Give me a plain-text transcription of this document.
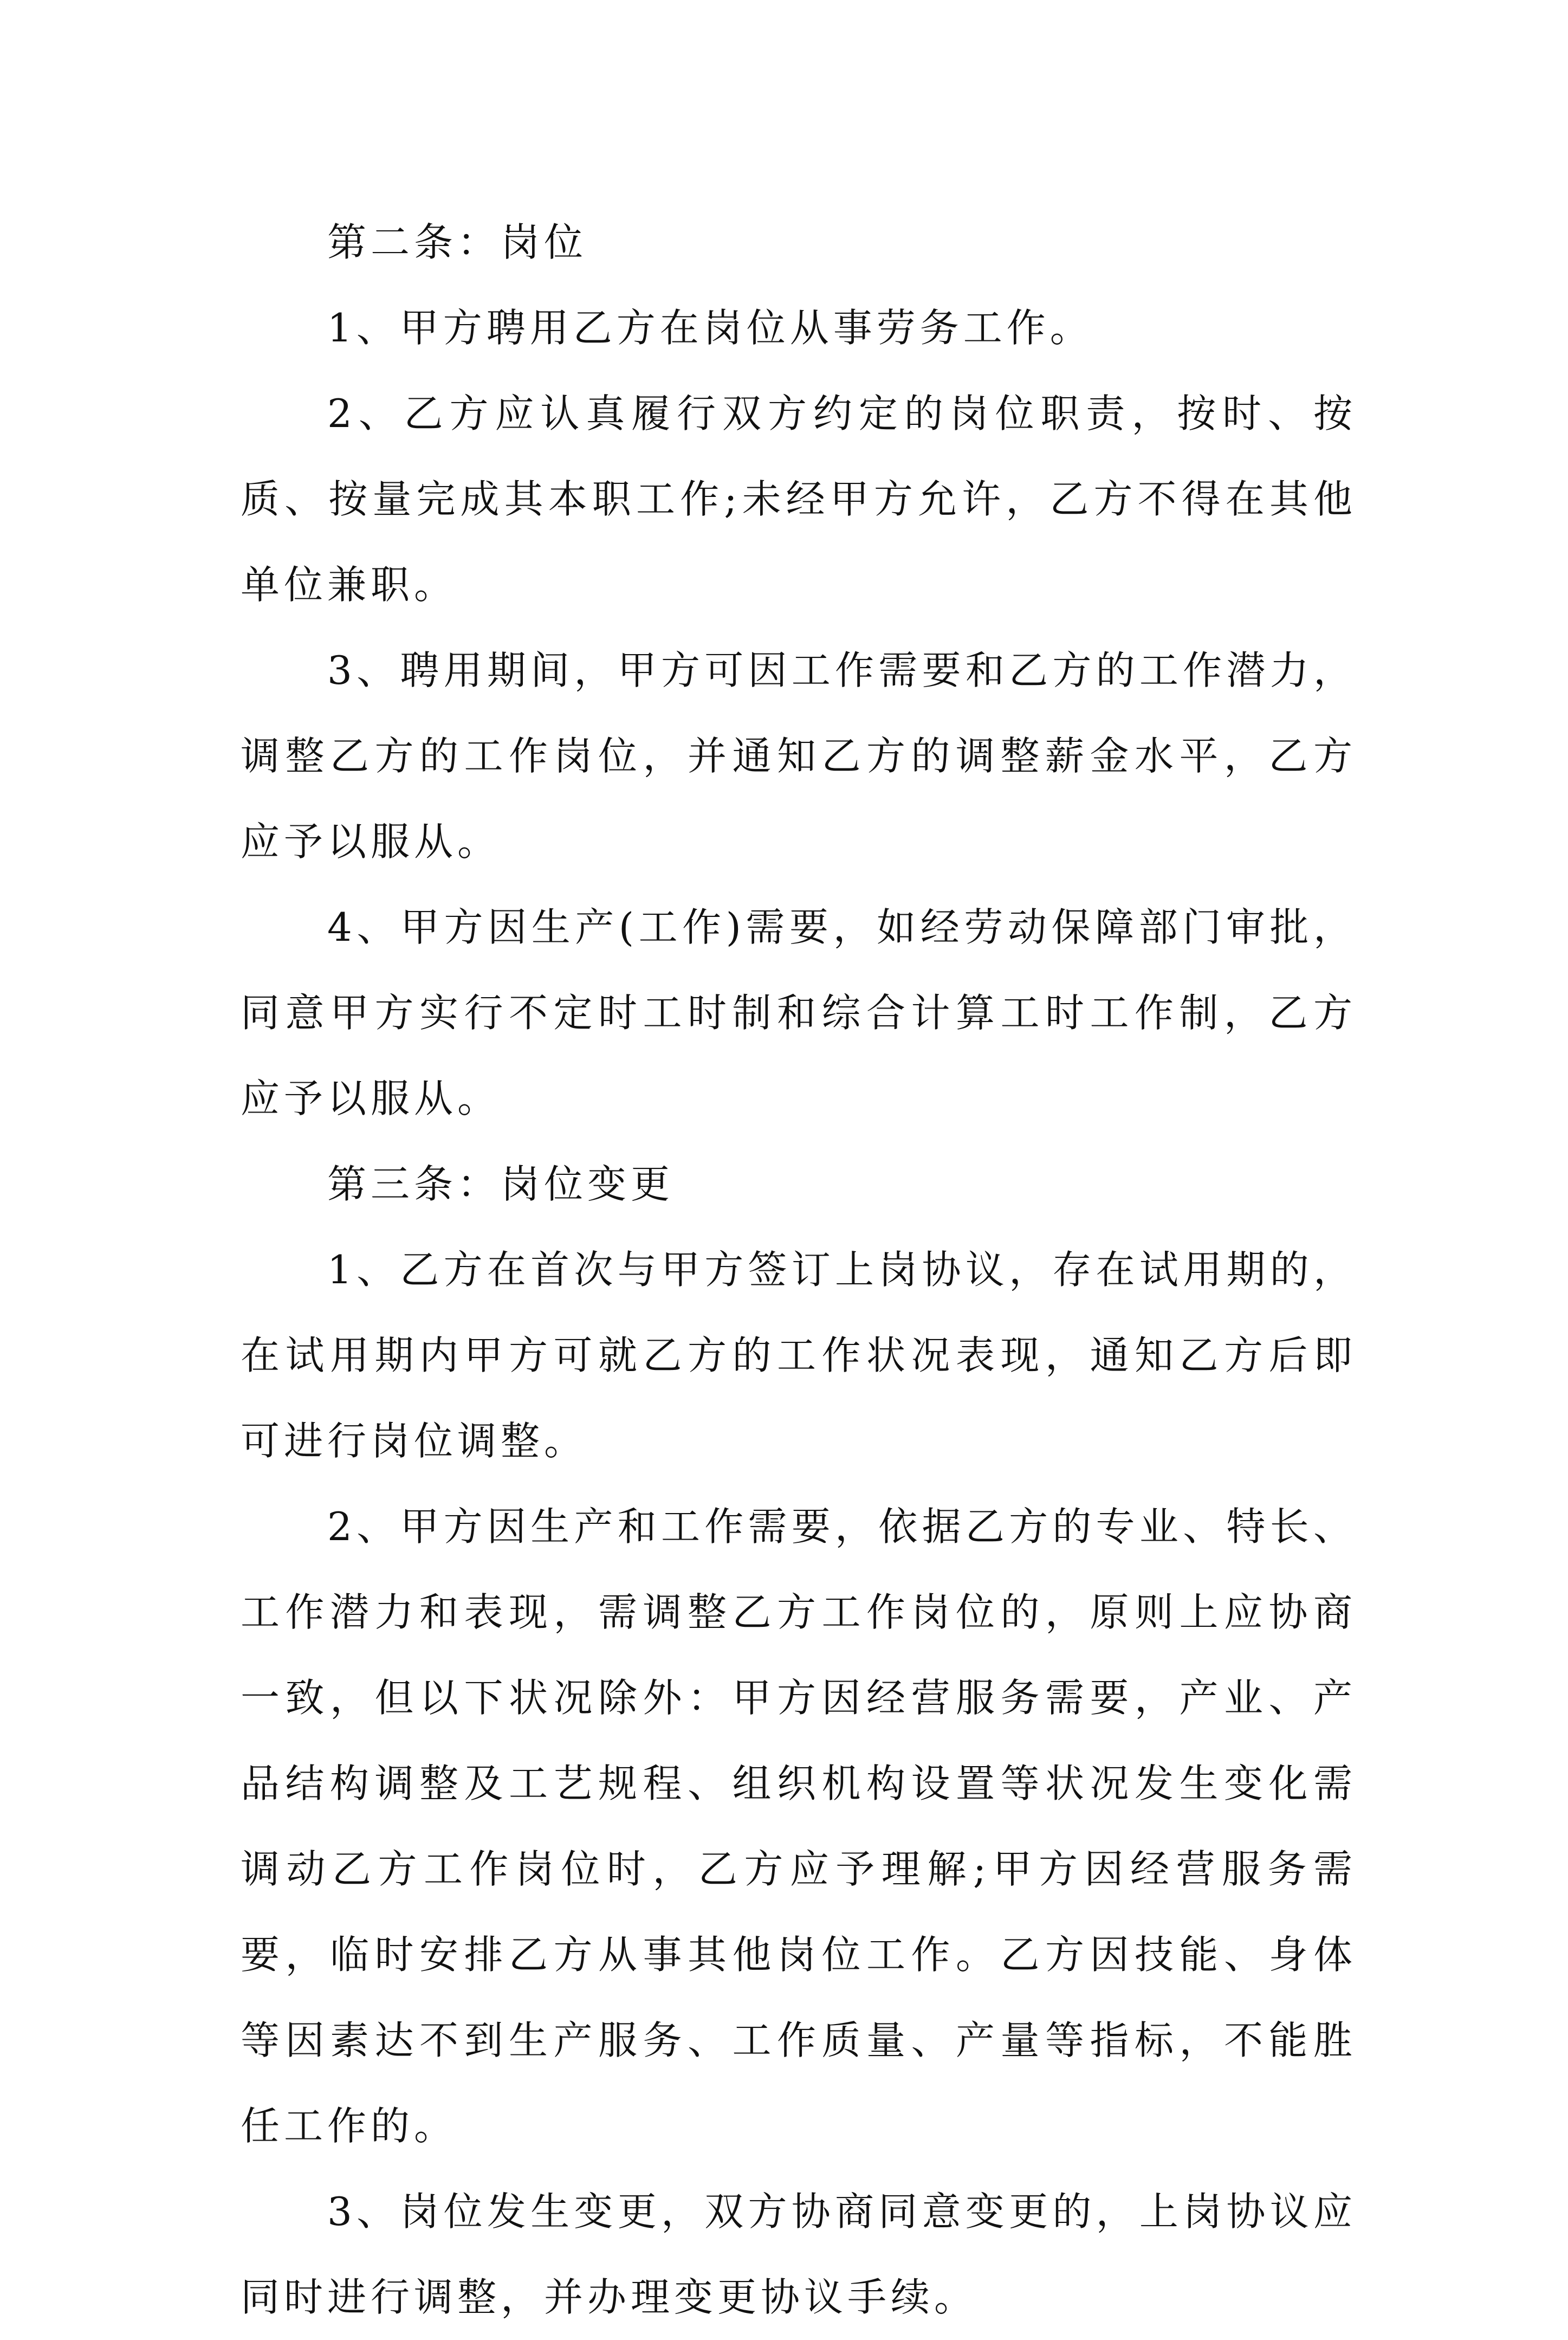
第二条：岗位

1、甲方聘用乙方在岗位从事劳务工作。

2、乙方应认真履行双方约定的岗位职责，按时、按质、按量完成其本职工作;未经甲方允许，乙方不得在其他单位兼职。

3、聘用期间，甲方可因工作需要和乙方的工作潜力，调整乙方的工作岗位，并通知乙方的调整薪金水平，乙方应予以服从。

4、甲方因生产(工作)需要，如经劳动保障部门审批，同意甲方实行不定时工时制和综合计算工时工作制，乙方应予以服从。

第三条：岗位变更

1、乙方在首次与甲方签订上岗协议，存在试用期的，在试用期内甲方可就乙方的工作状况表现，通知乙方后即可进行岗位调整。

2、甲方因生产和工作需要，依据乙方的专业、特长、工作潜力和表现，需调整乙方工作岗位的，原则上应协商一致，但以下状况除外：甲方因经营服务需要，产业、产品结构调整及工艺规程、组织机构设置等状况发生变化需调动乙方工作岗位时，乙方应予理解;甲方因经营服务需要，临时安排乙方从事其他岗位工作。乙方因技能、身体等因素达不到生产服务、工作质量、产量等指标，不能胜任工作的。

3、岗位发生变更，双方协商同意变更的，上岗协议应同时进行调整，并办理变更协议手续。
